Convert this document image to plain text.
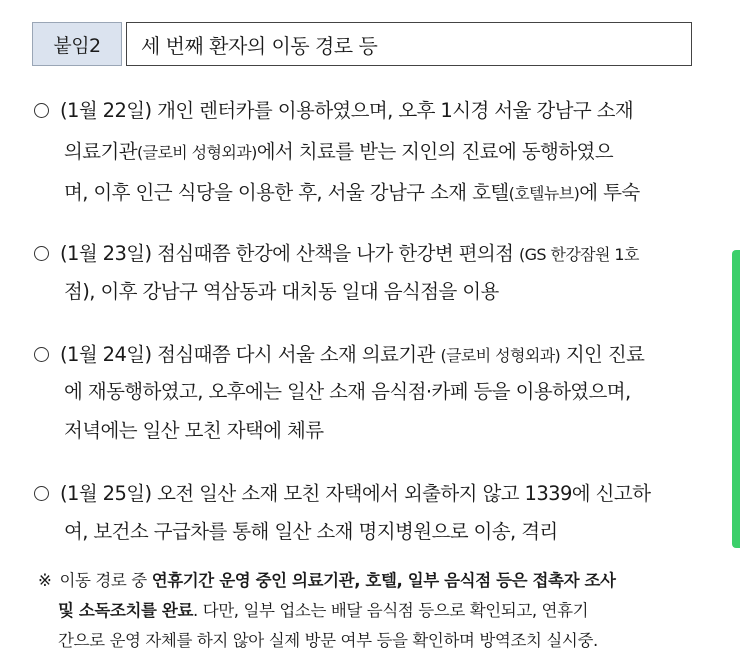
붙임2	세 번째 환자의 이동 경로 등
(1월 22일) 개인 렌터카를 이용하였으며, 오후 1시경 서울 강남구 소재
의료기관(글로비 성형외과)에서 치료를 받는 지인의 진료에 동행하였으
며, 이후 인근 식당을 이용한 후, 서울 강남구 소재 호텔(호텔뉴브)에 투숙
(1월 23일) 점심때쯤 한강에 산책을 나가 한강변 편의점 (GS 한강잠원 1호
점), 이후 강남구 역삼동과 대치동 일대 음식점을 이용
(1월 24일) 점심때쯤 다시 서울 소재 의료기관 (글로비 성형외과) 지인 진료
에 재동행하였고, 오후에는 일산 소재 음식점·카페 등을 이용하였으며,
저녁에는 일산 모친 자택에 체류
(1월 25일) 오전 일산 소재 모친 자택에서 외출하지 않고 1339에 신고하
여, 보건소 구급차를 통해 일산 소재 명지병원으로 이송, 격리
※ 이동 경로 중 연휴기간 운영 중인 의료기관, 호텔, 일부 음식점 등은 접촉자 조사
및 소독조치를 완료. 다만, 일부 업소는 배달 음식점 등으로 확인되고, 연휴기
간으로 운영 자체를 하지 않아 실제 방문 여부 등을 확인하며 방역조치 실시중.
